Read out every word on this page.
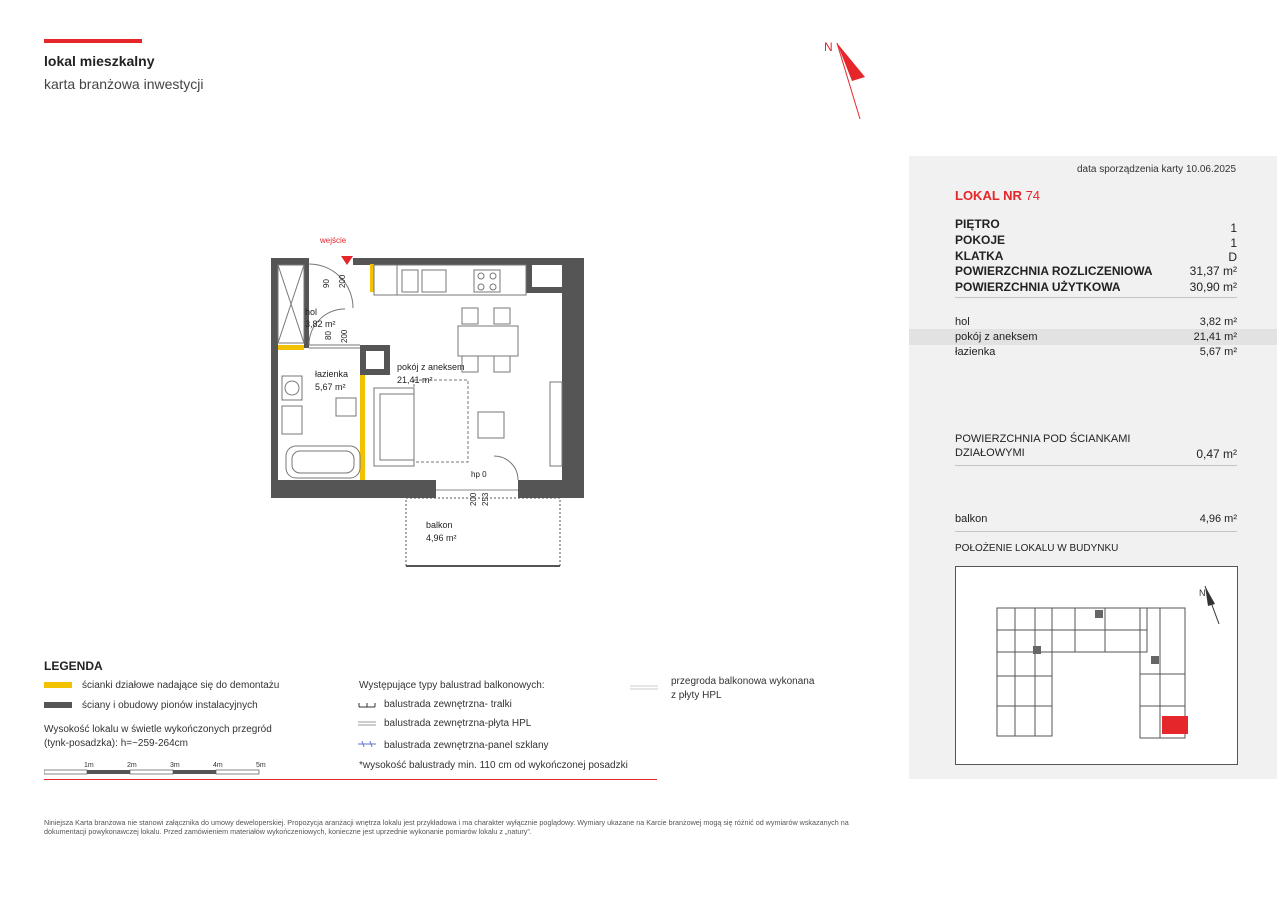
lokal mieszkalny
karta branżowa inwestycji
N
wejście
hol
3,82 m²
łazienka
5,67 m²
pokój z aneksem
21,41 m²
balkon
4,96 m²
hp 0
90 200
80 200
200 253
data sporządzenia karty 10.06.2025
LOKAL NR 74
PIĘTRO	1
POKOJE	1
KLATKA	D
POWIERZCHNIA ROZLICZENIOWA	31,37 m²
POWIERZCHNIA UŻYTKOWA	30,90 m²
hol	3,82 m²
pokój z aneksem	21,41 m²
łazienka	5,67 m²
POWIERZCHNIA POD ŚCIANKAMI
DZIAŁOWYMI	0,47 m²
balkon	4,96 m²
POŁOŻENIE LOKALU W BUDYNKU
N
LEGENDA
ścianki działowe nadające się do demontażu
ściany i obudowy pionów instalacyjnych
Wysokość lokalu w świetle wykończonych przegród
(tynk-posadzka): h=~259-264cm
1m	2m	3m	4m	5m
Występujące typy balustrad balkonowych:
balustrada zewnętrzna- tralki
balustrada zewnętrzna-płyta HPL
balustrada zewnętrzna-panel szklany
*wysokość balustrady min. 110 cm od wykończonej posadzki
przegroda balkonowa wykonana
z płyty HPL
Niniejsza Karta branżowa nie stanowi załącznika do umowy deweloperskiej. Propozycja aranżacji wnętrza lokalu jest przykładowa i ma charakter wyłącznie poglądowy. Wymiary ukazane na Karcie branżowej mogą się różnić od wymiarów wskazanych na dokumentacji powykonawczej lokalu. Przed zamówieniem materiałów wykończeniowych, konieczne jest uprzednie wykonanie pomiarów lokalu z „natury”.
